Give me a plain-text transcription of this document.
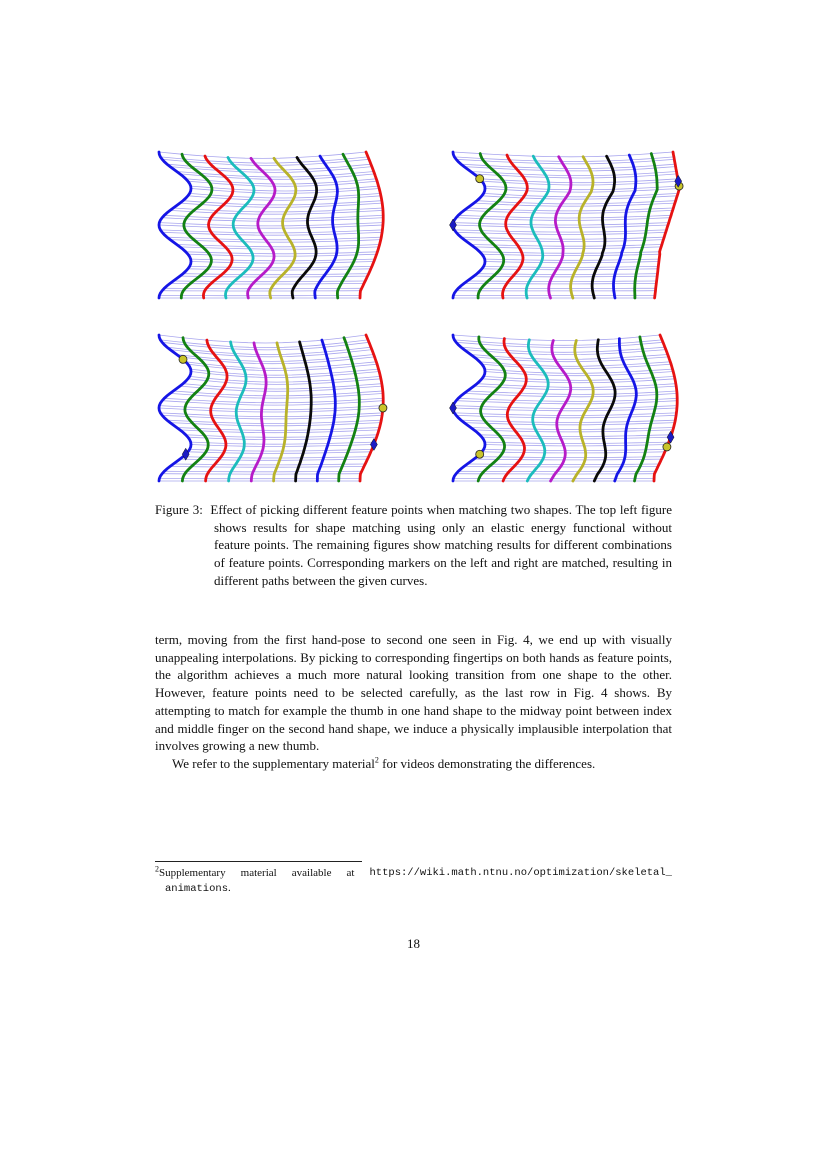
Figure 3: Effect of picking different feature points when matching two shapes. The top left figure shows results for shape matching using only an elastic energy functional without feature points. The remaining figures show matching results for different combinations of feature points. Corresponding markers on the left and right are matched, resulting in different paths between the given curves.

term, moving from the first hand-pose to second one seen in Fig. 4, we end up with visually unappealing interpolations. By picking to corresponding fingertips on both hands as feature points, the algorithm achieves a much more natural looking transition from one shape to the other. However, feature points need to be selected carefully, as the last row in Fig. 4 shows. By attempting to match for example the thumb in one hand shape to the midway point between index and middle finger on the second hand shape, we induce a physically implausible interpolation that involves growing a new thumb.

We refer to the supplementary material$^2$ for videos demonstrating the differences.

$^2$Supplementary material available at https://wiki.math.ntnu.no/optimization/skeletal_
animations.
18
